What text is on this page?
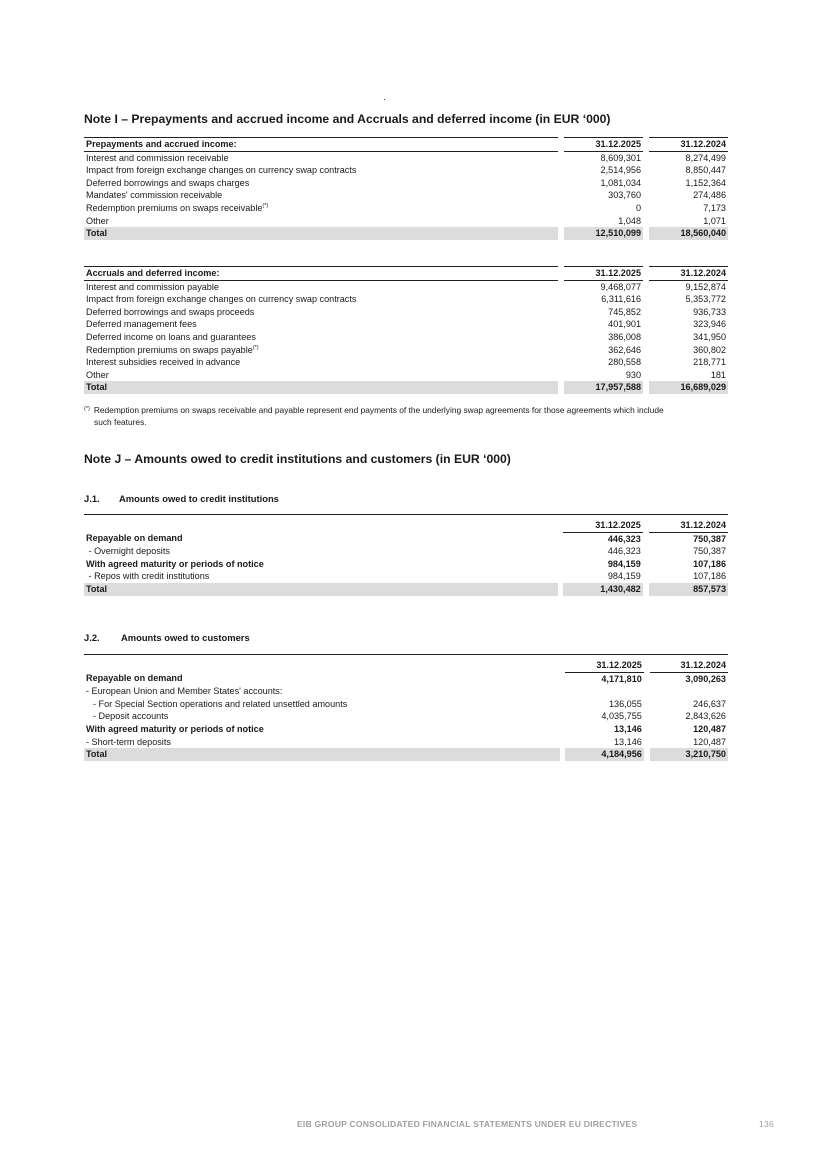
Note I – Prepayments and accrued income and Accruals and deferred income (in EUR ‘000)
Prepayments and accrued income:		31.12.2025		31.12.2024
Interest and commission receivable		8,609,301		8,274,499
Impact from foreign exchange changes on currency swap contracts		2,514,956		8,850,447
Deferred borrowings and swaps charges		1,081,034		1,152,364
Mandates' commission receivable		303,760		274,486
Redemption premiums on swaps receivable(*)		0		7,173
Other		1,048		1,071
Total		12,510,099		18,560,040
Accruals and deferred income:		31.12.2025		31.12.2024
Interest and commission payable		9,468,077		9,152,874
Impact from foreign exchange changes on currency swap contracts		6,311,616		5,353,772
Deferred borrowings and swaps proceeds		745,852		936,733
Deferred management fees		401,901		323,946
Deferred income on loans and guarantees		386,008		341,950
Redemption premiums on swaps payable(*)		362,646		360,802
Interest subsidies received in advance		280,558		218,771
Other		930		181
Total		17,957,588		16,689,029
(*) Redemption premiums on swaps receivable and payable represent end payments of the underlying swap agreements for those agreements which include
such features.
Note J – Amounts owed to credit institutions and customers (in EUR ‘000)
J.1. Amounts owed to credit institutions

		31.12.2025		31.12.2024
Repayable on demand		446,323		750,387
- Overnight deposits		446,323		750,387
With agreed maturity or periods of notice		984,159		107,186
- Repos with credit institutions		984,159		107,186
Total		1,430,482		857,573
J.2. Amounts owed to customers

		31.12.2025		31.12.2024
Repayable on demand		4,171,810		3,090,263
- European Union and Member States' accounts:				
- For Special Section operations and related unsettled amounts		136,055		246,637
- Deposit accounts		4,035,755		2,843,626
With agreed maturity or periods of notice		13,146		120,487
- Short-term deposits		13,146		120,487
Total		4,184,956		3,210,750
EIB GROUP CONSOLIDATED FINANCIAL STATEMENTS UNDER EU DIRECTIVES	136
